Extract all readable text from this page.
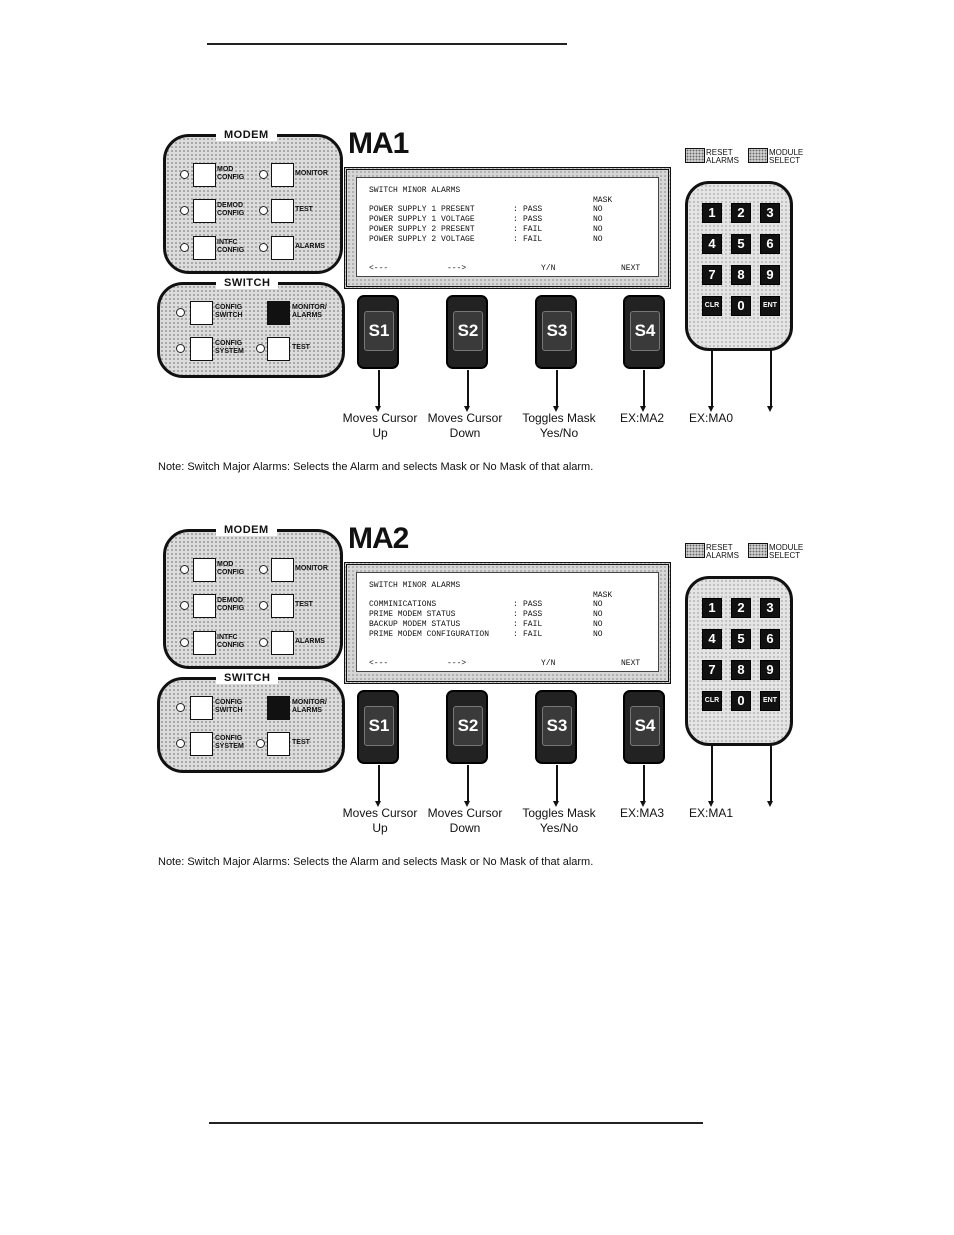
MODEM
MOD CONFIG
DEMOD CONFIG
INTFC CONFIG
MONITOR
TEST
ALARMS
SWITCH
CONFIG SWITCH
CONFIG SYSTEM
MONITOR/ ALARMS
TEST
MA1
SWITCH MINOR ALARMS
MASK
POWER SUPPLY 1 PRESENT	: PASS	NO
POWER SUPPLY 1 VOLTAGE	: PASS	NO
POWER SUPPLY 2 PRESENT	: FAIL	NO
POWER SUPPLY 2 VOLTAGE	: FAIL	NO
<---	--->	Y/N	NEXT
S1	S2	S3	S4
Moves Cursor Up
Moves Cursor Down
Toggles Mask Yes/No
EX:MA2	EX:MA0
RESET ALARMS
MODULE SELECT
1	2	3
4	5	6
7	8	9
CLR	0	ENT
Note: Switch Major Alarms: Selects the Alarm and selects Mask or No Mask of that alarm.
MODEM
MOD CONFIG
DEMOD CONFIG
INTFC CONFIG
MONITOR
TEST
ALARMS
SWITCH
CONFIG SWITCH
CONFIG SYSTEM
MONITOR/ ALARMS
TEST
MA2
SWITCH MINOR ALARMS
MASK
COMMINICATIONS	: PASS	NO
PRIME MODEM STATUS	: PASS	NO
BACKUP MODEM STATUS	: FAIL	NO
PRIME MODEM CONFIGURATION	: FAIL	NO
<---	--->	Y/N	NEXT
S1	S2	S3	S4
Moves Cursor Up
Moves Cursor Down
Toggles Mask Yes/No
EX:MA3	EX:MA1
RESET ALARMS
MODULE SELECT
1	2	3
4	5	6
7	8	9
CLR	0	ENT
Note: Switch Major Alarms: Selects the Alarm and selects Mask or No Mask of that alarm.
